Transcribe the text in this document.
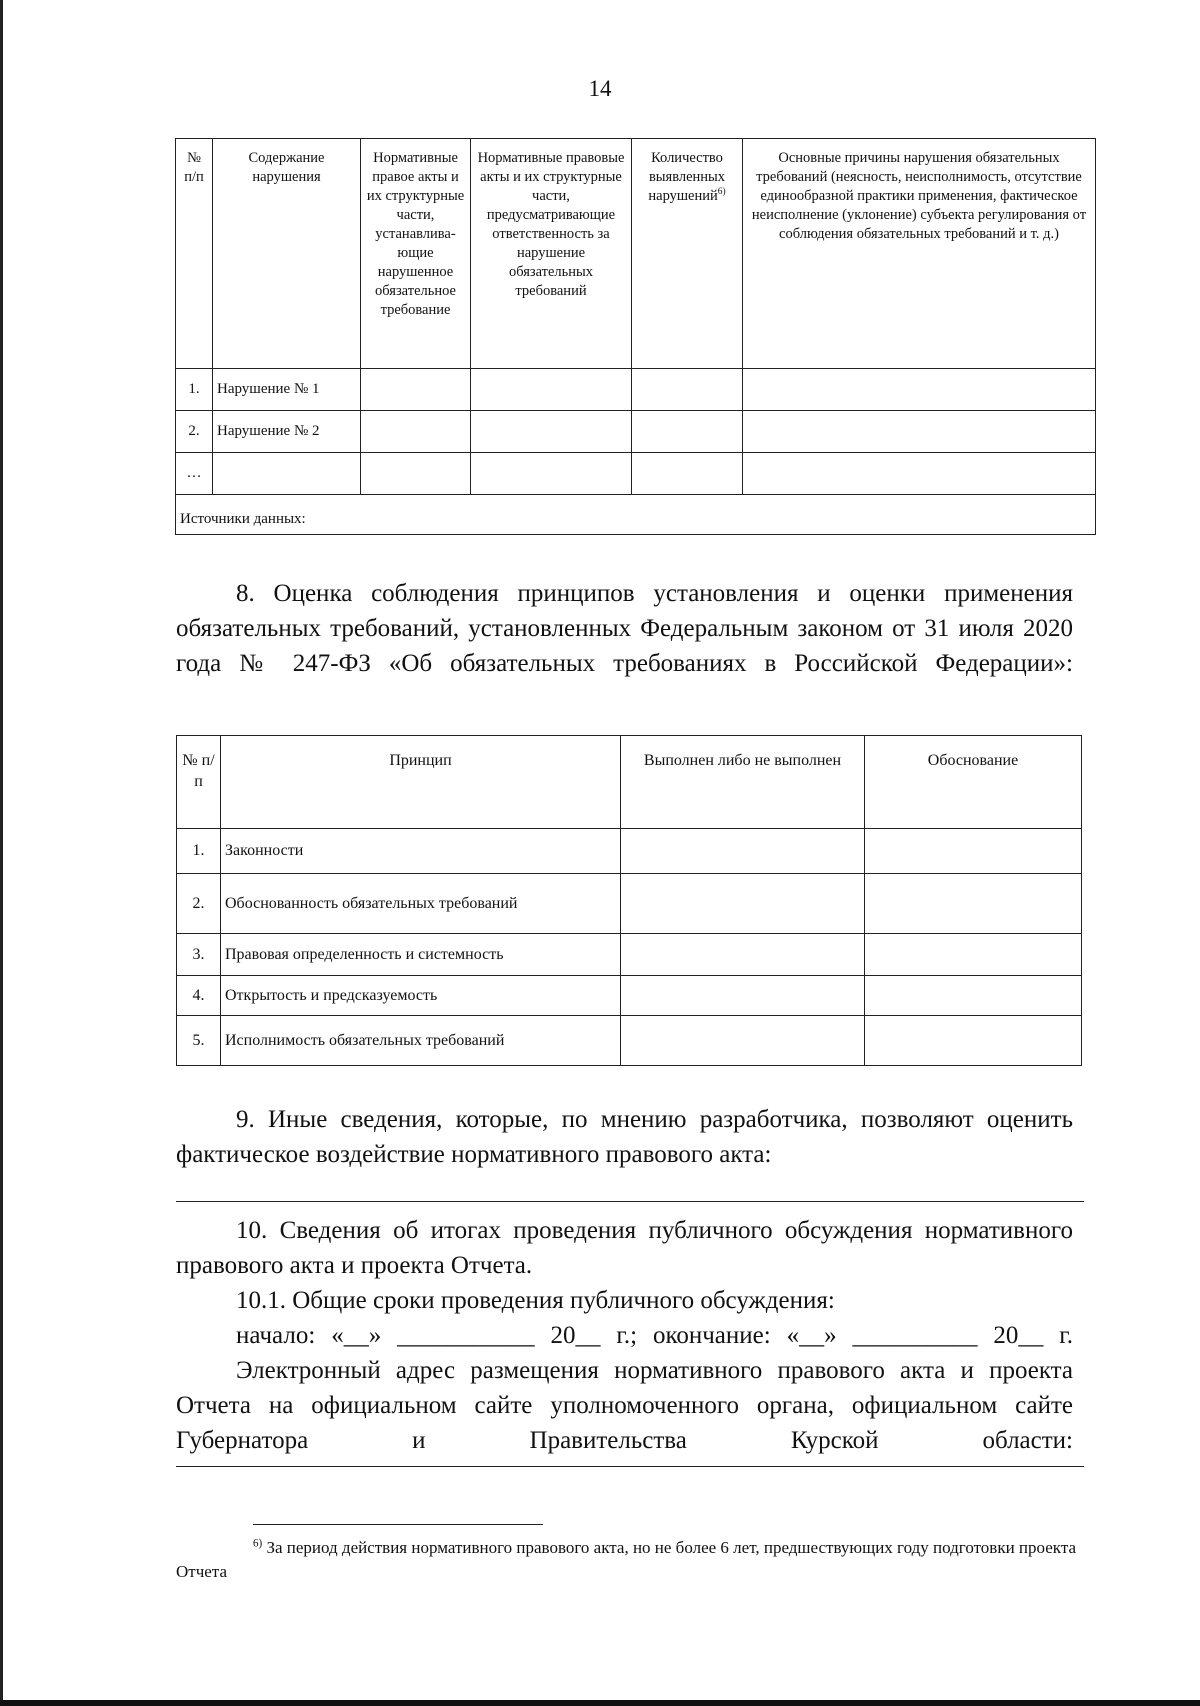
14
№ п/п	Содержание нарушения	Нормативные правое акты и их структурные части, устанавлива-ющие нарушенное обязательное требование	Нормативные правовые акты и их структурные части, предусматривающие ответственность за нарушение обязательных требований	Количество выявленных нарушений$^{6)}$	Основные причины нарушения обязательных требований (неясность, неисполнимость, отсутствие единообразной практики применения, фактическое неисполнение (уклонение) субъекта регулирования от соблюдения обязательных требований и т. д.)
1.	Нарушение № 1				
2.	Нарушение № 2				
…					
Источники данных:					

8. Оценка соблюдения принципов установления и оценки применения обязательных требований, установленных Федеральным законом от 31 июля 2020 года № 247-ФЗ «Об обязательных требованиях в Российской Федерации»:

№ п/п	Принцип	Выполнен либо не выполнен	Обоснование
1.	Законности		
2.	Обоснованность обязательных требований		
3.	Правовая определенность и системность		
4.	Открытость и предсказуемость		
5.	Исполнимость обязательных требований		

9. Иные сведения, которые, по мнению разработчика, позволяют оценить фактическое воздействие нормативного правового акта:

10. Сведения об итогах проведения публичного обсуждения нормативного правового акта и проекта Отчета.

10.1. Общие сроки проведения публичного обсуждения:

начало: «__» ___________ 20__ г.; окончание: «__» __________ 20__ г.

Электронный адрес размещения нормативного правового акта и проекта Отчета на официальном сайте уполномоченного органа, официальном сайте Губернатора и Правительства Курской области:

$^{6)}$ За период действия нормативного правового акта, но не более 6 лет, предшествующих году подготовки проекта Отчета
